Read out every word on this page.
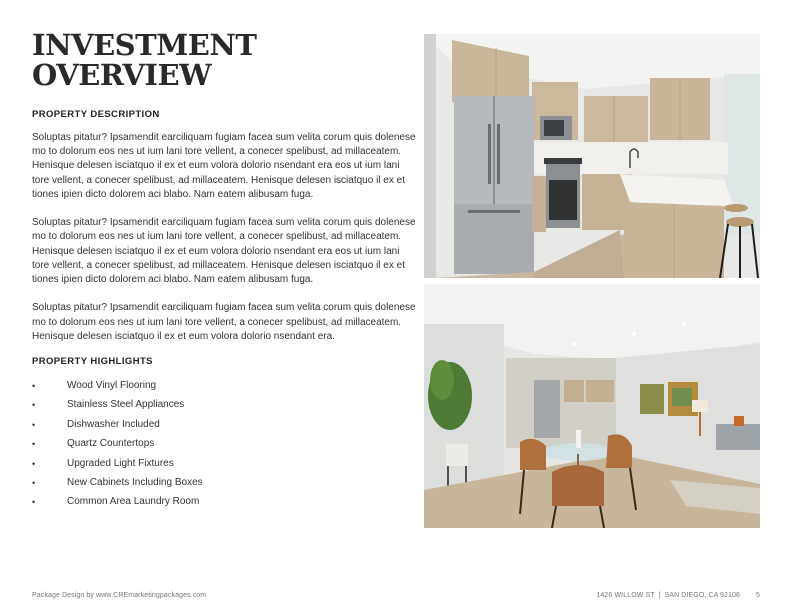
INVESTMENT
OVERVIEW
PROPERTY DESCRIPTION

Soluptas pitatur? Ipsamendit earciliquam fugiam facea sum velita corum quis dolenese mo to dolorum eos nes ut ium lani tore vellent, a conecer spelibust, ad millaceatem. Henisque delesen isciatquo il ex et eum volora dolorio nsendant era eos ut ium lani tore vellent, a conecer spelibust, ad millaceatem. Henisque delesen isciatquo il ex et tiones ipien dicto dolorem aci blabo. Nam eatem alibusam fuga.

Soluptas pitatur? Ipsamendit earciliquam fugiam facea sum velita corum quis dolenese mo to dolorum eos nes ut ium lani tore vellent, a conecer spelibust, ad millaceatem. Henisque delesen isciatquo il ex et eum volora dolorio nsendant era eos ut ium lani tore vellent, a conecer spelibust, ad millaceatem. Henisque delesen isciatquo il ex et tiones ipien dicto dolorem aci blabo. Nam eatem alibusam fuga.

Soluptas pitatur? Ipsamendit earciliquam fugiam facea sum velita corum quis dolenese mo to dolorum eos nes ut ium lani tore vellent, a conecer spelibust, ad millaceatem. Henisque delesen isciatquo il ex et eum volora dolorio nsendant era.

PROPERTY HIGHLIGHTS
•	Wood Vinyl Flooring
•	Stainless Steel Appliances
•	Dishwasher Included
•	Quartz Countertops
•	Upgraded Light Fixtures
•	New Cabinets Including Boxes
•	Common Area Laundry Room
Package Design by www.CREmarketingpackages.com	1426 WILLOW ST | SAN DIEGO, CA 92106 5
